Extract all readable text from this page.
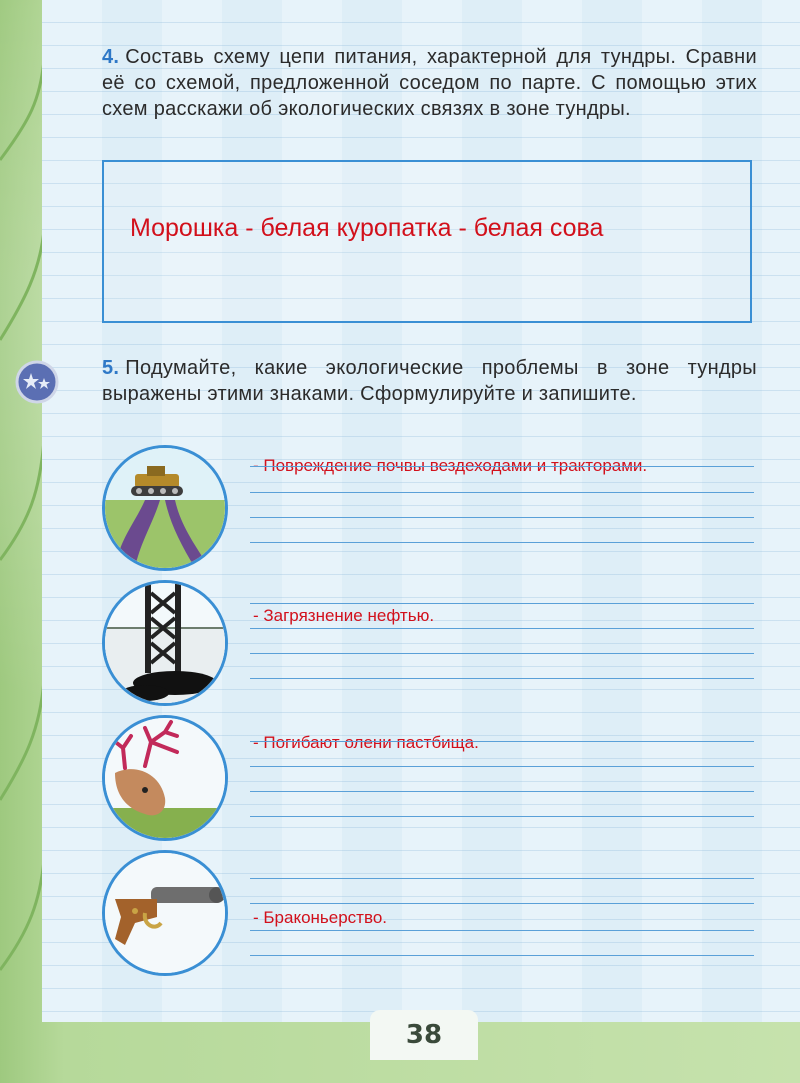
4. Составь схему цепи питания, характерной для тундры. Сравни её со схемой, предложенной соседом по парте. С помощью этих схем расскажи об экологических связях в зоне тундры.
Морошка - белая куропатка - белая сова
5. Подумайте, какие экологические проблемы в зоне тундры выражены этими знаками. Сформулируйте и запишите.
- Повреждение почвы вездеходами и тракторами.
- Загрязнение нефтью.
- Погибают олени пастбища.
- Браконьерство.
38
